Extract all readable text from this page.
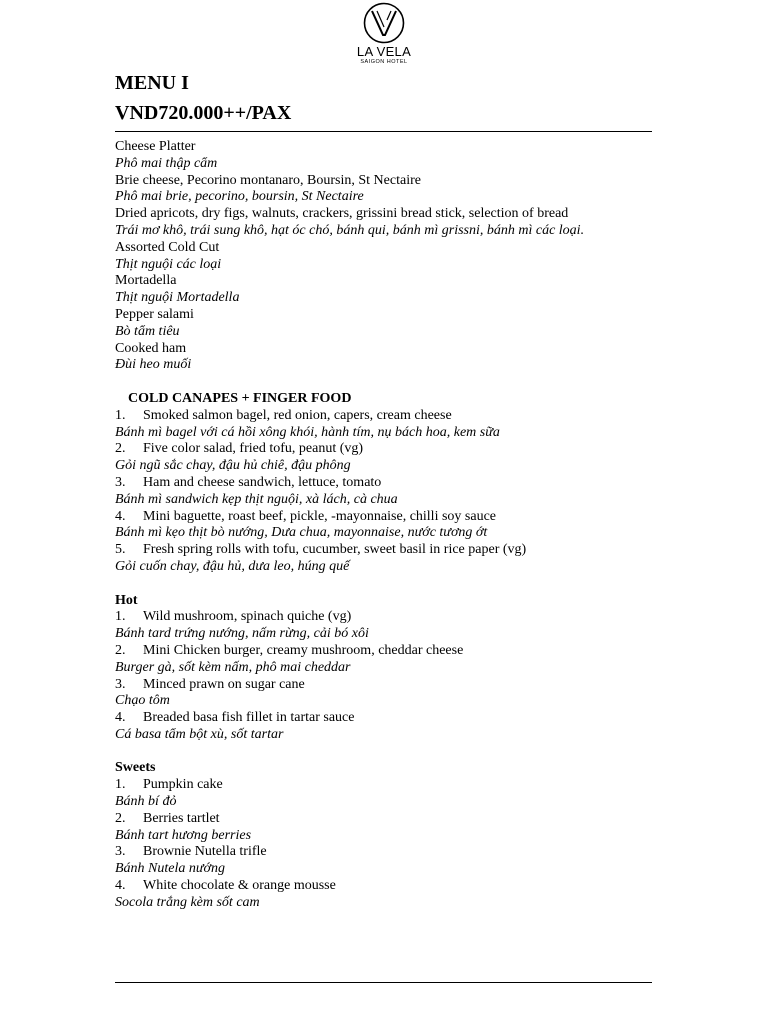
LA VELA
SAIGON HOTEL
MENU I
VND720.000++/PAX
Cheese Platter
Phô mai thập cẩm
Brie cheese, Pecorino montanaro, Boursin, St Nectaire
Phô mai brie, pecorino, boursin, St Nectaire
Dried apricots, dry figs, walnuts, crackers, grissini bread stick, selection of bread
Trái mơ khô, trái sung khô, hạt óc chó, bánh qui, bánh mì grissni, bánh mì các loại.
Assorted Cold Cut
Thịt nguội các loại
Mortadella
Thịt nguội Mortadella
Pepper salami
Bò tẩm tiêu
Cooked ham
Đùi heo muối
COLD CANAPES + FINGER FOOD
1. Smoked salmon bagel, red onion, capers, cream cheese
Bánh mì bagel với cá hồi xông khói, hành tím, nụ bách hoa, kem sữa
2. Five color salad, fried tofu, peanut (vg)
Gỏi ngũ sắc chay, đậu hủ chiê, đậu phông
3. Ham and cheese sandwich, lettuce, tomato
Bánh mì sandwich kẹp thịt nguội, xà lách, cà chua
4. Mini baguette, roast beef, pickle, -mayonnaise, chilli soy sauce
Bánh mì kẹo thịt bò nướng, Dưa chua, mayonnaise, nước tương ớt
5. Fresh spring rolls with tofu, cucumber, sweet basil in rice paper (vg)
Gỏi cuốn chay, đậu hủ, dưa leo, húng quế
Hot
1. Wild mushroom, spinach quiche (vg)
Bánh tard trứng nướng, nấm rừng, cải bó xôi
2. Mini Chicken burger, creamy mushroom, cheddar cheese
Burger gà, sốt kèm nấm, phô mai cheddar
3. Minced prawn on sugar cane
Chạo tôm
4. Breaded basa fish fillet in tartar sauce
Cá basa tẩm bột xù, sốt tartar
Sweets
1. Pumpkin cake
Bánh bí đỏ
2. Berries tartlet
Bánh tart hương berries
3. Brownie Nutella trifle
Bánh Nutela nướng
4. White chocolate & orange mousse
Socola trắng kèm sốt cam
